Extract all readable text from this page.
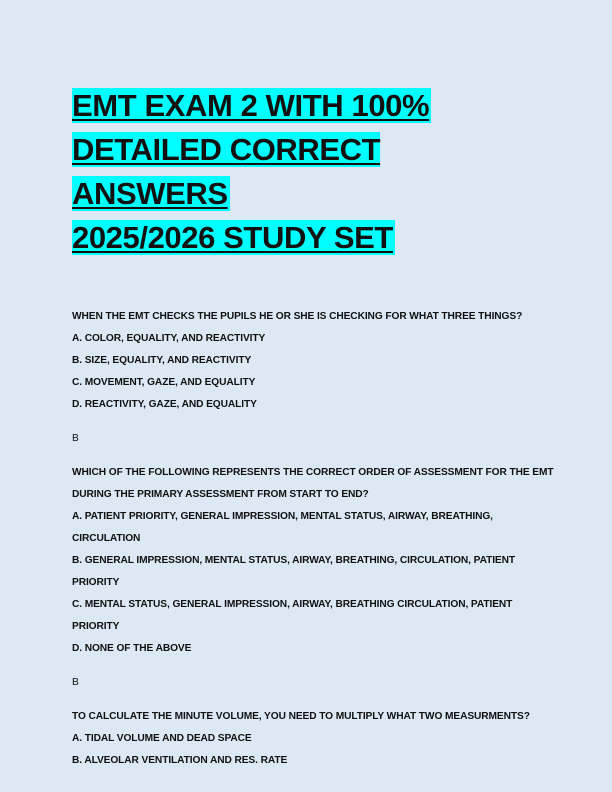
EMT EXAM 2 WITH 100%
DETAILED CORRECT ANSWERS
2025/2026 STUDY SET

WHEN THE EMT CHECKS THE PUPILS HE OR SHE IS CHECKING FOR WHAT THREE THINGS?

A. COLOR, EQUALITY, AND REACTIVITY

B. SIZE, EQUALITY, AND REACTIVITY

C. MOVEMENT, GAZE, AND EQUALITY

D. REACTIVITY, GAZE, AND EQUALITY

B

WHICH OF THE FOLLOWING REPRESENTS THE CORRECT ORDER OF ASSESSMENT FOR THE EMT

DURING THE PRIMARY ASSESSMENT FROM START TO END?

A. PATIENT PRIORITY, GENERAL IMPRESSION, MENTAL STATUS, AIRWAY, BREATHING,

CIRCULATION

B. GENERAL IMPRESSION, MENTAL STATUS, AIRWAY, BREATHING, CIRCULATION, PATIENT

PRIORITY

C. MENTAL STATUS, GENERAL IMPRESSION, AIRWAY, BREATHING CIRCULATION, PATIENT

PRIORITY

D. NONE OF THE ABOVE

B

TO CALCULATE THE MINUTE VOLUME, YOU NEED TO MULTIPLY WHAT TWO MEASURMENTS?

A. TIDAL VOLUME AND DEAD SPACE

B. ALVEOLAR VENTILATION AND RES. RATE
